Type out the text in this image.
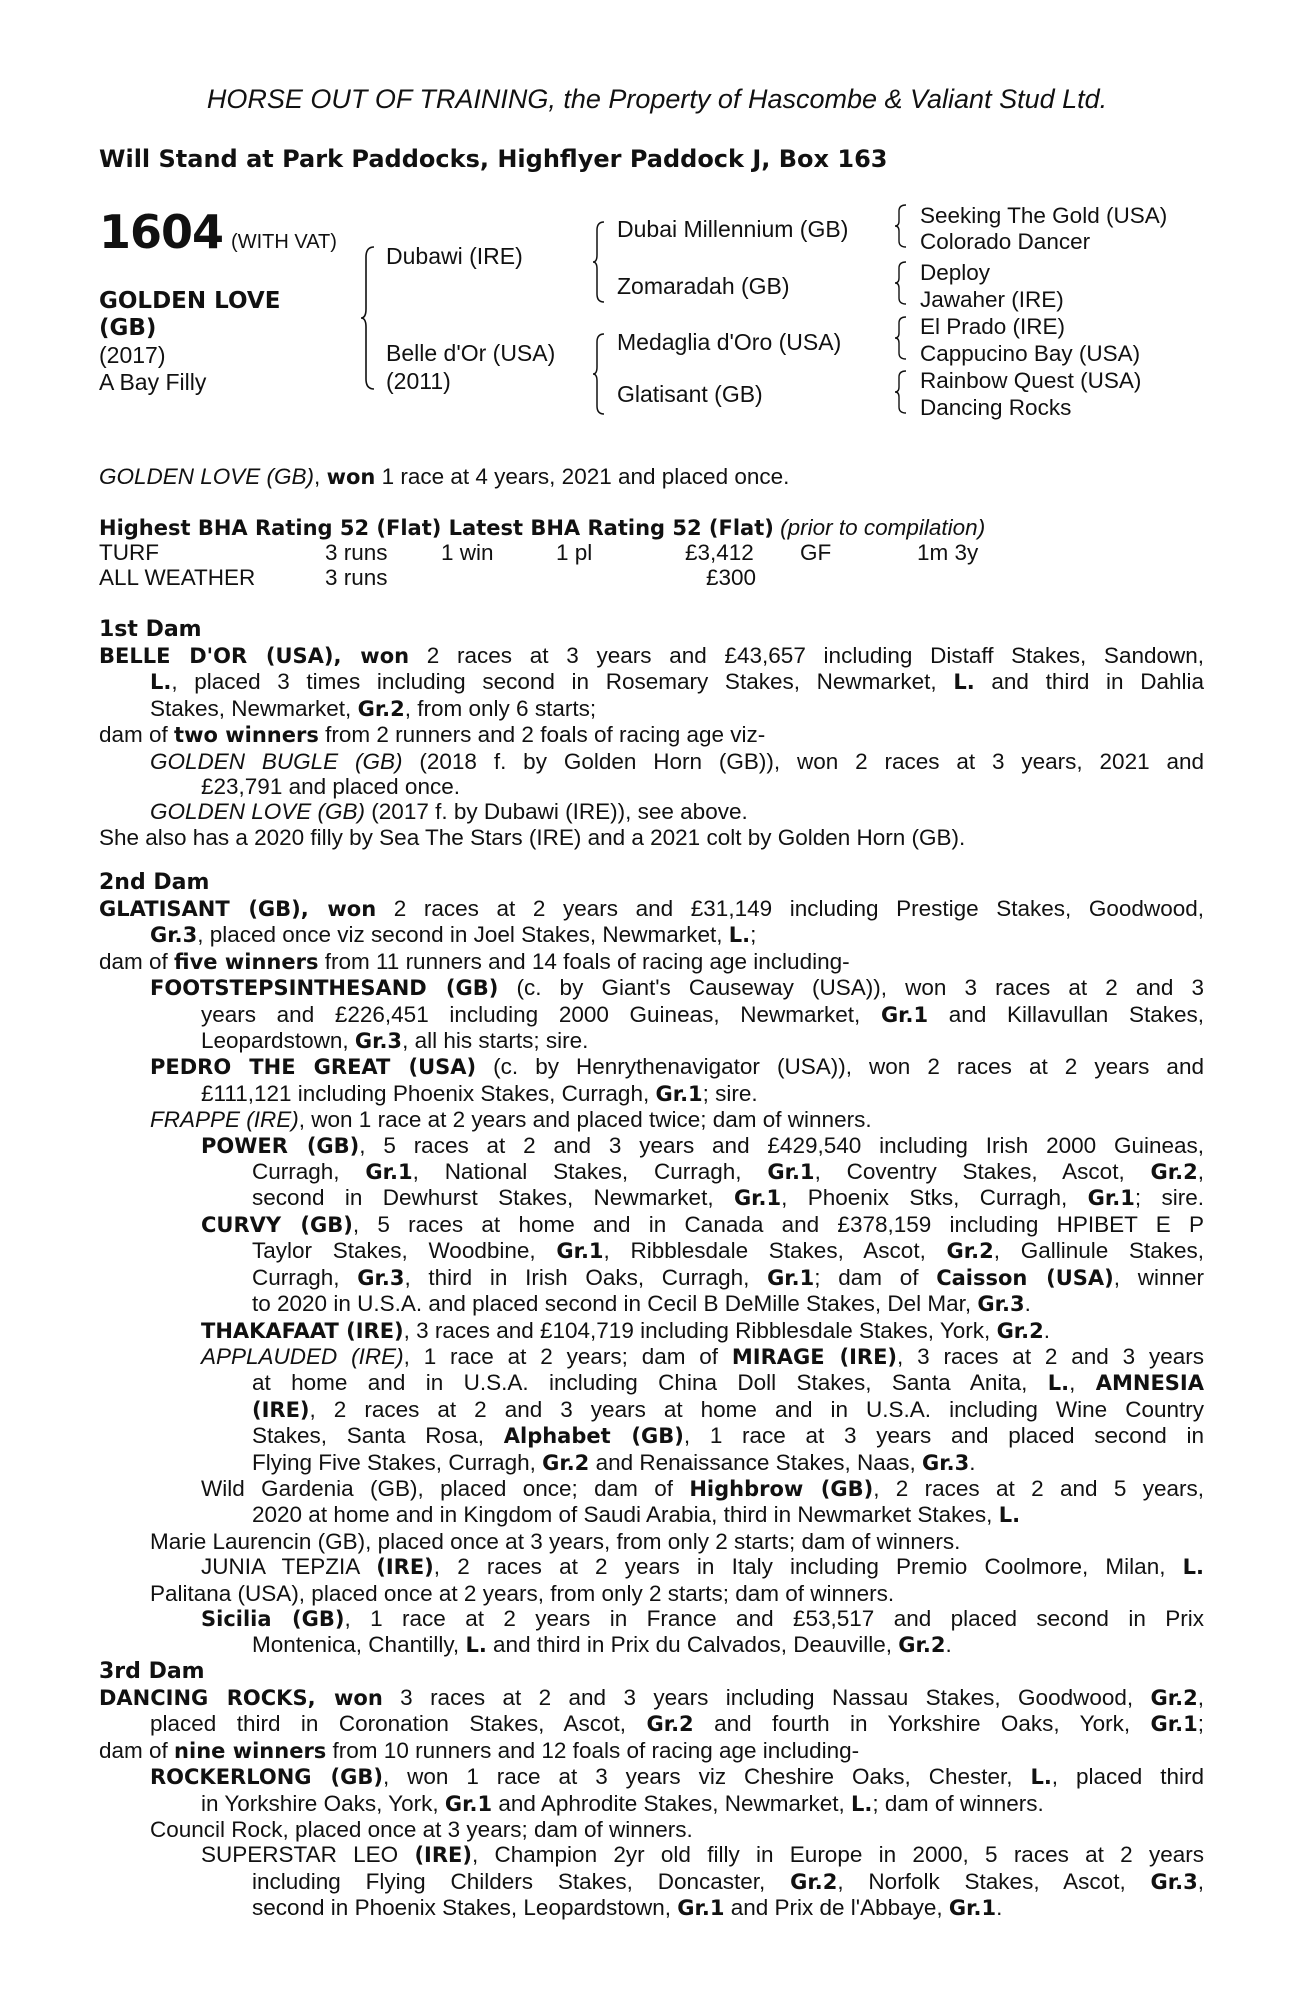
HORSE OUT OF TRAINING, the Property of Hascombe & Valiant Stud Ltd.
Will Stand at Park Paddocks, Highflyer Paddock J, Box 163
1604 (WITH VAT)
GOLDEN LOVE
(GB)
(2017)
A Bay Filly
Dubawi (IRE)
Belle d'Or (USA)
(2011)
Dubai Millennium (GB)
Zomaradah (GB)
Medaglia d'Oro (USA)
Glatisant (GB)
Seeking The Gold (USA)
Colorado Dancer
Deploy
Jawaher (IRE)
El Prado (IRE)
Cappucino Bay (USA)
Rainbow Quest (USA)
Dancing Rocks
GOLDEN LOVE (GB), won 1 race at 4 years, 2021 and placed once.
Highest BHA Rating 52 (Flat) Latest BHA Rating 52 (Flat) (prior to compilation)
TURF	3 runs 1 win	1 pl	£3,412 GF	1m 3y
ALL WEATHER	3 runs	£300
1st Dam
BELLE D'OR (USA), won 2 races at 3 years and £43,657 including Distaff Stakes, Sandown,
L., placed 3 times including second in Rosemary Stakes, Newmarket, L. and third in Dahlia
Stakes, Newmarket, Gr.2, from only 6 starts;
dam of two winners from 2 runners and 2 foals of racing age viz-
GOLDEN BUGLE (GB) (2018 f. by Golden Horn (GB)), won 2 races at 3 years, 2021 and
£23,791 and placed once.
GOLDEN LOVE (GB) (2017 f. by Dubawi (IRE)), see above.
She also has a 2020 filly by Sea The Stars (IRE) and a 2021 colt by Golden Horn (GB).
2nd Dam
GLATISANT (GB), won 2 races at 2 years and £31,149 including Prestige Stakes, Goodwood,
Gr.3, placed once viz second in Joel Stakes, Newmarket, L.;
dam of five winners from 11 runners and 14 foals of racing age including-
FOOTSTEPSINTHESAND (GB) (c. by Giant's Causeway (USA)), won 3 races at 2 and 3
years and £226,451 including 2000 Guineas, Newmarket, Gr.1 and Killavullan Stakes,
Leopardstown, Gr.3, all his starts; sire.
PEDRO THE GREAT (USA) (c. by Henrythenavigator (USA)), won 2 races at 2 years and
£111,121 including Phoenix Stakes, Curragh, Gr.1; sire.
FRAPPE (IRE), won 1 race at 2 years and placed twice; dam of winners.
POWER (GB), 5 races at 2 and 3 years and £429,540 including Irish 2000 Guineas,
Curragh, Gr.1, National Stakes, Curragh, Gr.1, Coventry Stakes, Ascot, Gr.2,
second in Dewhurst Stakes, Newmarket, Gr.1, Phoenix Stks, Curragh, Gr.1; sire.
CURVY (GB), 5 races at home and in Canada and £378,159 including HPIBET E P
Taylor Stakes, Woodbine, Gr.1, Ribblesdale Stakes, Ascot, Gr.2, Gallinule Stakes,
Curragh, Gr.3, third in Irish Oaks, Curragh, Gr.1; dam of Caisson (USA), winner
to 2020 in U.S.A. and placed second in Cecil B DeMille Stakes, Del Mar, Gr.3.
THAKAFAAT (IRE), 3 races and £104,719 including Ribblesdale Stakes, York, Gr.2.
APPLAUDED (IRE), 1 race at 2 years; dam of MIRAGE (IRE), 3 races at 2 and 3 years
at home and in U.S.A. including China Doll Stakes, Santa Anita, L., AMNESIA
(IRE), 2 races at 2 and 3 years at home and in U.S.A. including Wine Country
Stakes, Santa Rosa, Alphabet (GB), 1 race at 3 years and placed second in
Flying Five Stakes, Curragh, Gr.2 and Renaissance Stakes, Naas, Gr.3.
Wild Gardenia (GB), placed once; dam of Highbrow (GB), 2 races at 2 and 5 years,
2020 at home and in Kingdom of Saudi Arabia, third in Newmarket Stakes, L.
Marie Laurencin (GB), placed once at 3 years, from only 2 starts; dam of winners.
JUNIA TEPZIA (IRE), 2 races at 2 years in Italy including Premio Coolmore, Milan, L.
Palitana (USA), placed once at 2 years, from only 2 starts; dam of winners.
Sicilia (GB), 1 race at 2 years in France and £53,517 and placed second in Prix
Montenica, Chantilly, L. and third in Prix du Calvados, Deauville, Gr.2.
3rd Dam
DANCING ROCKS, won 3 races at 2 and 3 years including Nassau Stakes, Goodwood, Gr.2,
placed third in Coronation Stakes, Ascot, Gr.2 and fourth in Yorkshire Oaks, York, Gr.1;
dam of nine winners from 10 runners and 12 foals of racing age including-
ROCKERLONG (GB), won 1 race at 3 years viz Cheshire Oaks, Chester, L., placed third
in Yorkshire Oaks, York, Gr.1 and Aphrodite Stakes, Newmarket, L.; dam of winners.
Council Rock, placed once at 3 years; dam of winners.
SUPERSTAR LEO (IRE), Champion 2yr old filly in Europe in 2000, 5 races at 2 years
including Flying Childers Stakes, Doncaster, Gr.2, Norfolk Stakes, Ascot, Gr.3,
second in Phoenix Stakes, Leopardstown, Gr.1 and Prix de l'Abbaye, Gr.1.
